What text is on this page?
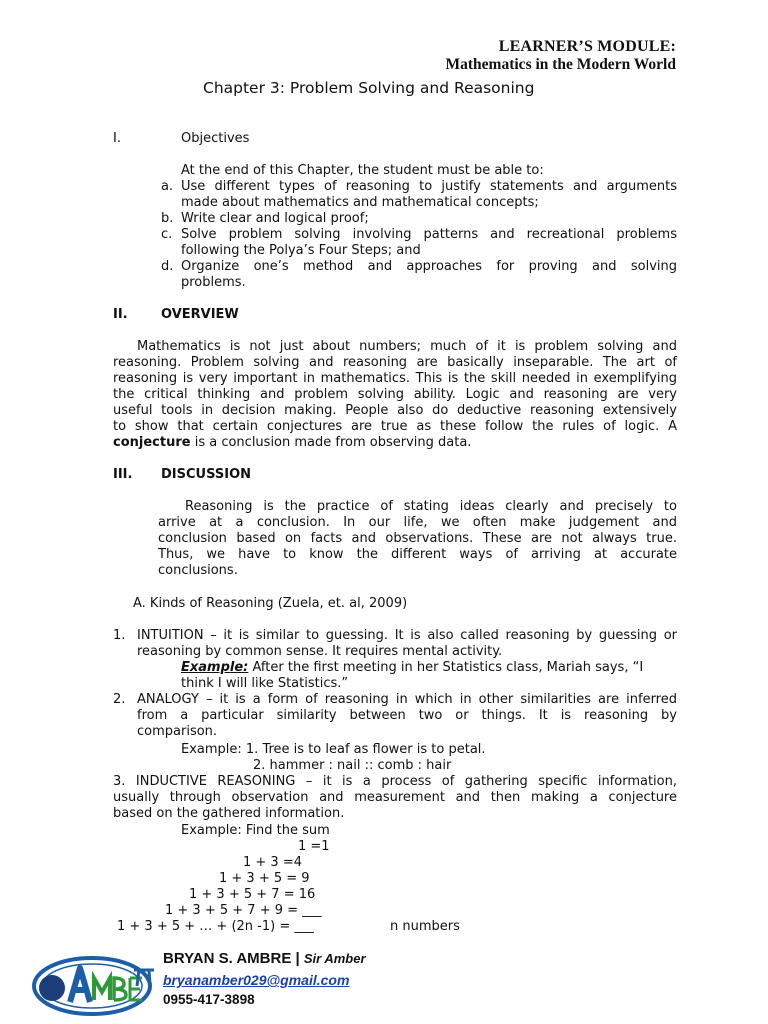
LEARNER’S MODULE:
Mathematics in the Modern World
Chapter 3: Problem Solving and Reasoning
I.	Objectives
At the end of this Chapter, the student must be able to:
a. Use different types of reasoning to justify statements and arguments
made about mathematics and mathematical concepts;
b. Write clear and logical proof;
c. Solve problem solving involving patterns and recreational problems
following the Polya’s Four Steps; and
d. Organize one’s method and approaches for proving and solving
problems.
II.	OVERVIEW
Mathematics is not just about numbers; much of it is problem solving and
reasoning. Problem solving and reasoning are basically inseparable. The art of
reasoning is very important in mathematics. This is the skill needed in exemplifying
the critical thinking and problem solving ability. Logic and reasoning are very
useful tools in decision making. People also do deductive reasoning extensively
to show that certain conjectures are true as these follow the rules of logic. A
conjecture is a conclusion made from observing data.
III. DISCUSSION
Reasoning is the practice of stating ideas clearly and precisely to
arrive at a conclusion. In our life, we often make judgement and
conclusion based on facts and observations. These are not always true.
Thus, we have to know the different ways of arriving at accurate
conclusions.
A. Kinds of Reasoning (Zuela, et. al, 2009)
1. INTUITION – it is similar to guessing. It is also called reasoning by guessing or
reasoning by common sense. It requires mental activity.
Example: After the first meeting in her Statistics class, Mariah says, “I
think I will like Statistics.”
2. ANALOGY – it is a form of reasoning in which in other similarities are inferred
from a particular similarity between two or things. It is reasoning by
comparison.
Example: 1. Tree is to leaf as flower is to petal.
2. hammer : nail :: comb : hair
3. INDUCTIVE REASONING – it is a process of gathering specific information,
usually through observation and measurement and then making a conjecture
based on the gathered information.
Example: Find the sum
1 =1
1 + 3 =4
1 + 3 + 5 = 9
1 + 3 + 5 + 7 = 16
1 + 3 + 5 + 7 + 9 = ___
1 + 3 + 5 + … + (2n -1) = ___	n numbers
BRYAN S. AMBRE | Sir Amber
bryanamber029@gmail.com
0955-417-3898
